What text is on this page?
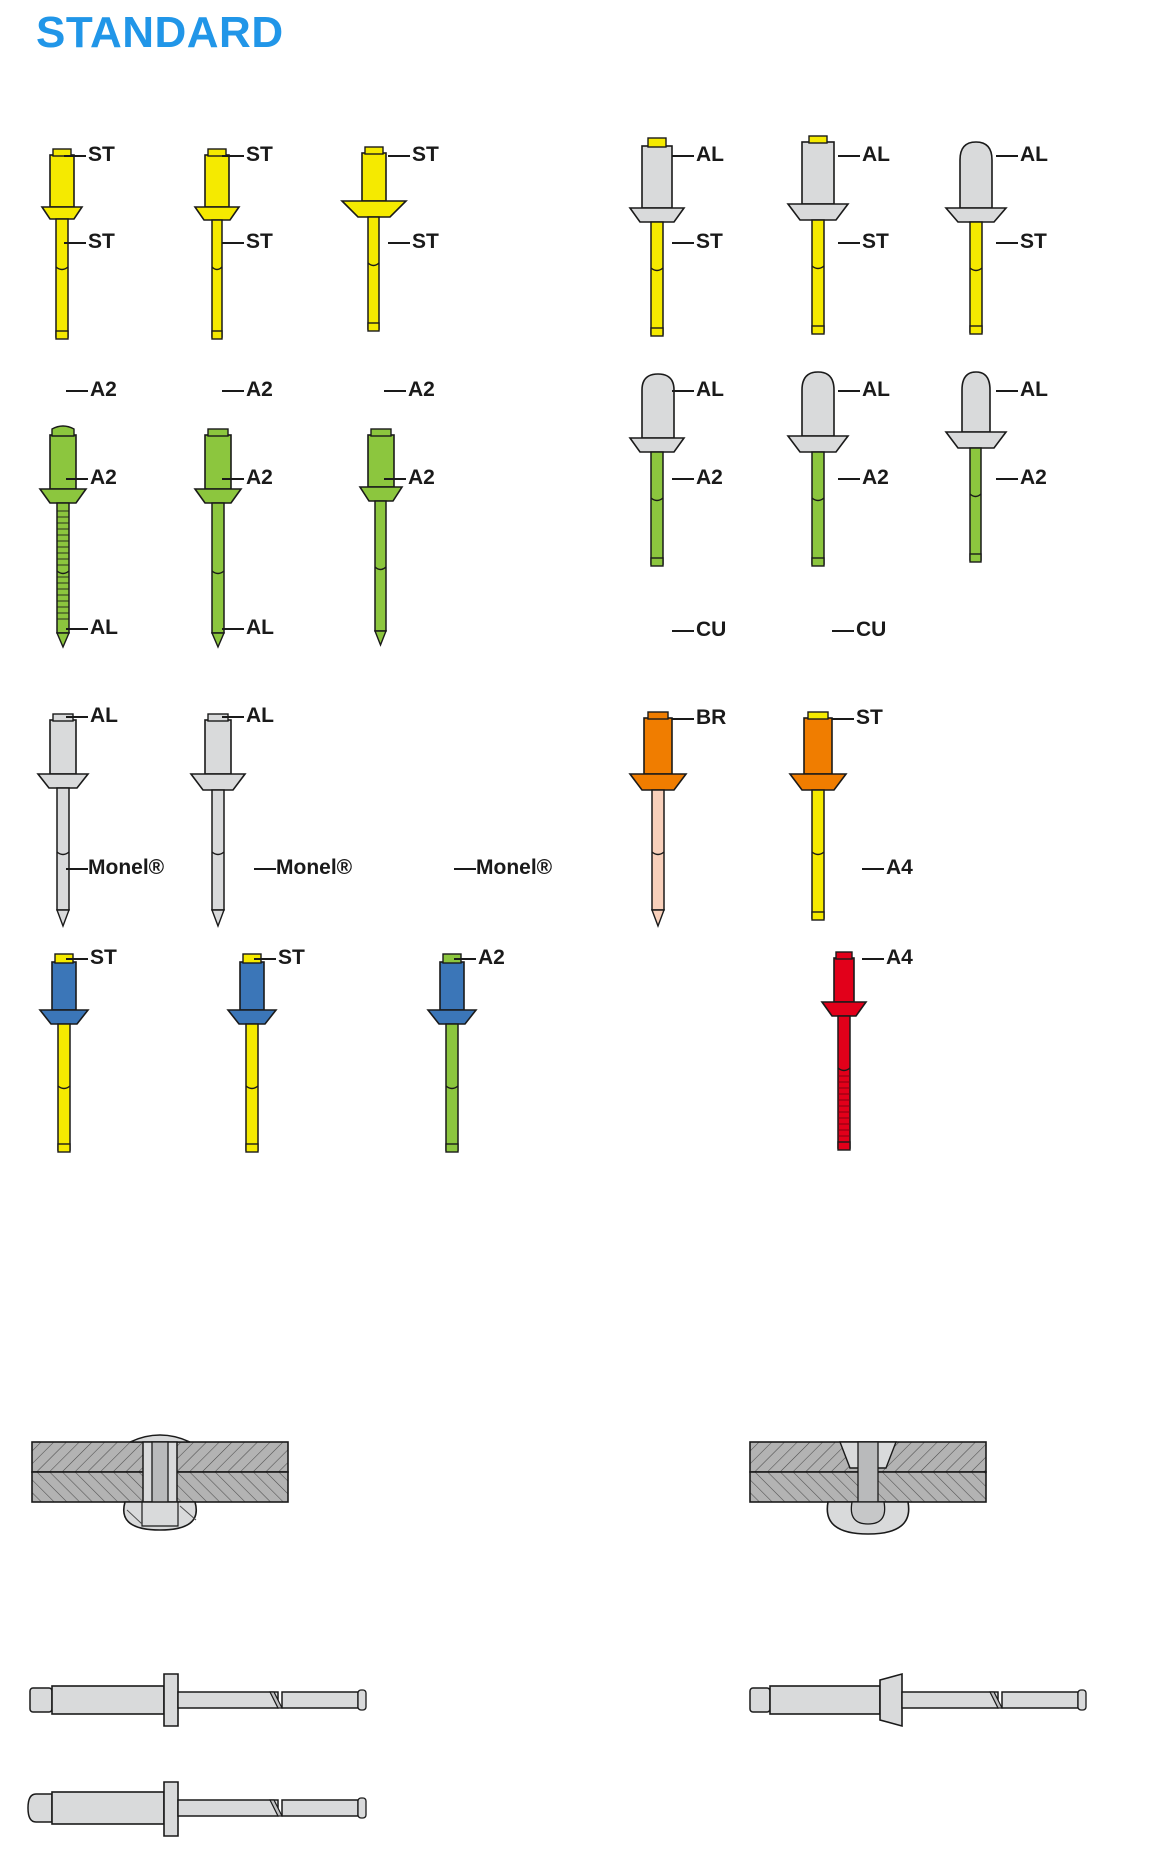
STANDARD
ST
ST
ST
ST
ST
ST
AL
ST
AL
ST
AL
ST
A2
A2
A2
A2
A2
A2
AL
A2
AL
A2
AL
A2
AL
AL
AL
AL
CU
BR
CU
ST
Monel®
ST
Monel®
ST
Monel®
A2
A4
A4
